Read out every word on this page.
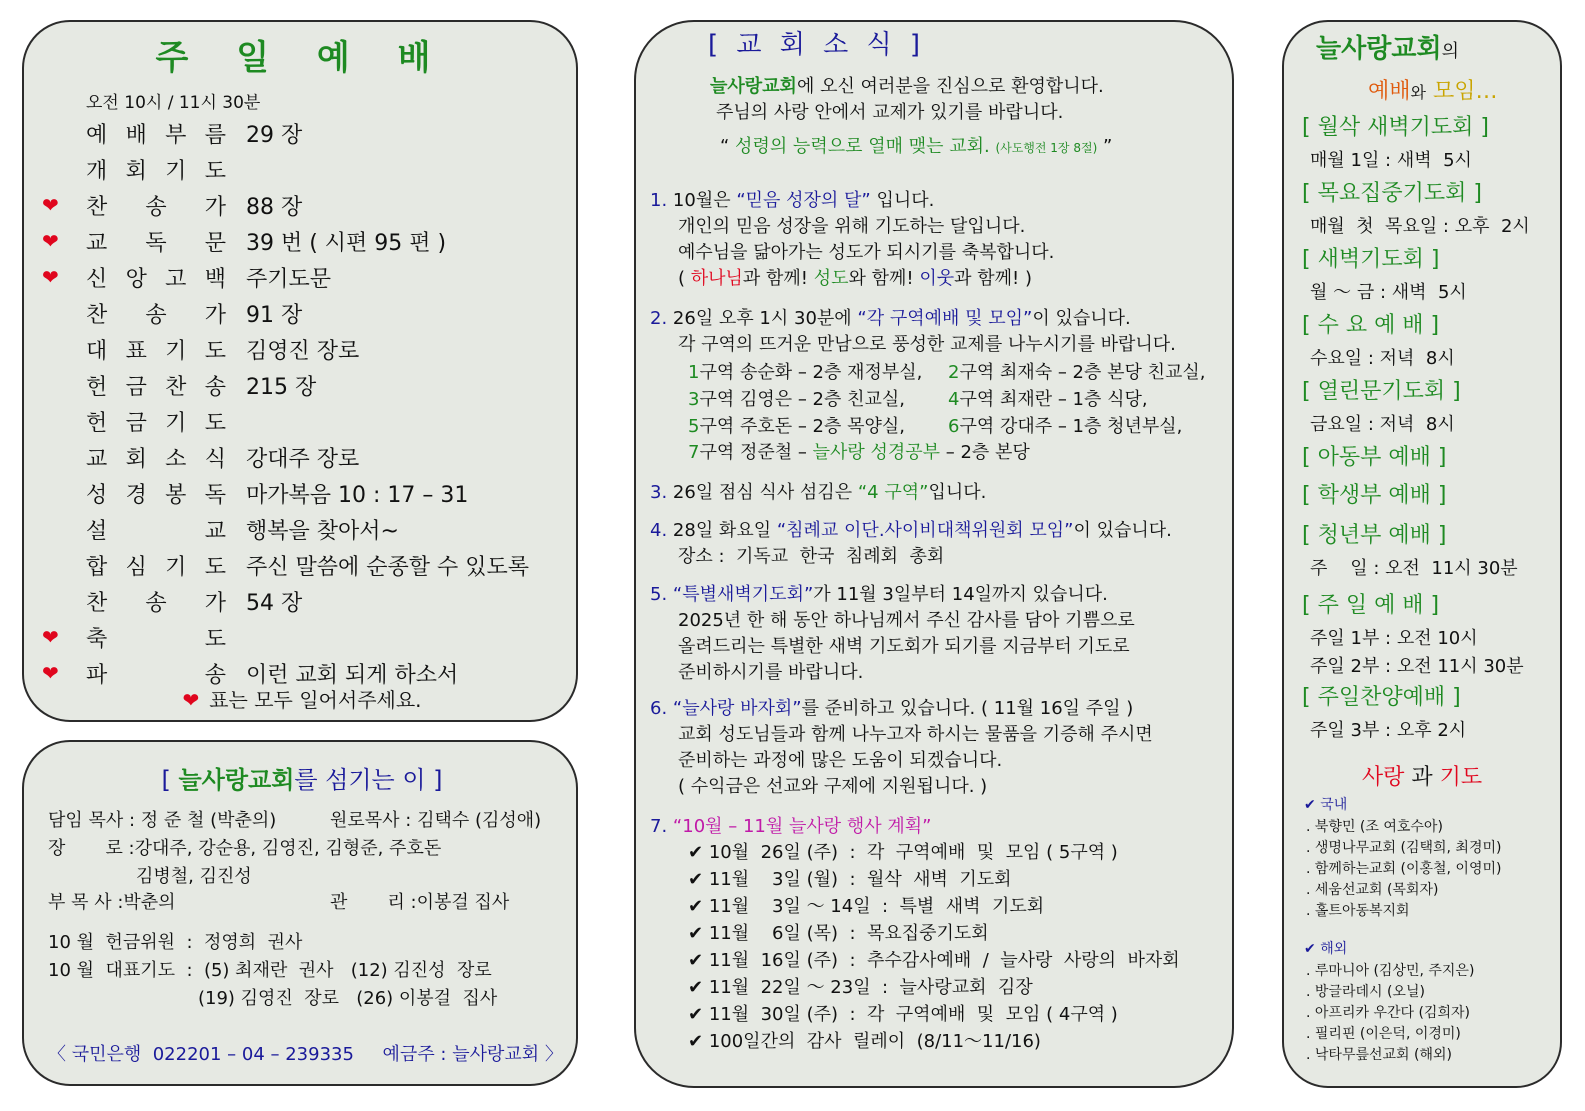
주 일 예 배
오전 10시 / 11시 30분
예 배 부 름 29 장
개 회 기 도
❤ 찬 송 가 88 장
❤ 교 독 문 39 번 ( 시편 95 편 )
❤ 신 앙 고 백 주기도문
찬 송 가 91 장
대 표 기 도 김영진 장로
헌 금 찬 송 215 장
헌 금 기 도
교 회 소 식 강대주 장로
성 경 봉 독 마가복음 10 : 17 – 31
설	교 행복을 찾아서~
합 심 기 도 주신 말씀에 순종할 수 있도록
찬 송 가 54 장
❤ 축	도
❤ 파	송 이런 교회 되게 하소서
❤ 표는 모두 일어서주세요.
[ 늘사랑교회를 섬기는 이 ]
담임 목사 : 정 준 철 (박춘의)	원로목사 : 김택수 (김성애)
장       로 :강대주, 강순용, 김영진, 김형준, 주호돈
김병철, 김진성
부 목 사 :박춘의	관       리 :이봉걸 집사
10 월  헌금위원  :  정영희  권사
10 월  대표기도  :  (5) 최재란  권사   (12) 김진성  장로
(19) 김영진  장로   (26) 이봉걸  집사
〈 국민은행  022201 – 04 – 239335     예금주 : 늘사랑교회 〉
[ 교 회 소 식 ]
늘사랑교회에 오신 여러분을 진심으로 환영합니다.
주님의 사랑 안에서 교제가 있기를 바랍니다.
“ 성령의 능력으로 열매 맺는 교회. (사도행전 1장 8절) ”
1. 10월은 “믿음 성장의 달” 입니다.
개인의 믿음 성장을 위해 기도하는 달입니다.
예수님을 닮아가는 성도가 되시기를 축복합니다.
( 하나님과 함께! 성도와 함께! 이웃과 함께! )
2. 26일 오후 1시 30분에 “각 구역예배 및 모임”이 있습니다.
각 구역의 뜨거운 만남으로 풍성한 교제를 나누시기를 바랍니다.
1구역 송순화 – 2층 재정부실, 2구역 최재숙 – 2층 본당 친교실,
3구역 김영은 – 2층 친교실, 4구역 최재란 – 1층 식당,
5구역 주호돈 – 2층 목양실, 6구역 강대주 – 1층 청년부실,
7구역 정준철 – 늘사랑 성경공부 – 2층 본당
3. 26일 점심 식사 섬김은 “4 구역”입니다.
4. 28일 화요일 “침례교 이단.사이비대책위원회 모임”이 있습니다.
장소 :  기독교  한국  침례회  총회
5. “특별새벽기도회”가 11월 3일부터 14일까지 있습니다.
2025년 한 해 동안 하나님께서 주신 감사를 담아 기쁨으로
올려드리는 특별한 새벽 기도회가 되기를 지금부터 기도로
준비하시기를 바랍니다.
6. “늘사랑 바자회”를 준비하고 있습니다. ( 11월 16일 주일 )
교회 성도님들과 함께 나누고자 하시는 물품을 기증해 주시면
준비하는 과정에 많은 도움이 되겠습니다.
( 수익금은 선교와 구제에 지원됩니다. )
7. “10월 – 11월 늘사랑 행사 계획”
✔ 10월  26일 (주)  :  각  구역예배  및  모임 ( 5구역 )
✔ 11월    3일 (월)  :  월삭  새벽  기도회
✔ 11월    3일 ～ 14일  :  특별  새벽  기도회
✔ 11월    6일 (목)  :  목요집중기도회
✔ 11월  16일 (주)  :  추수감사예배  /  늘사랑  사랑의  바자회
✔ 11월  22일 ～ 23일  :  늘사랑교회  김장
✔ 11월  30일 (주)  :  각  구역예배  및  모임 ( 4구역 )
✔ 100일간의  감사  릴레이  (8/11～11/16)
늘사랑교회의
예배와 모임…
[ 월삭 새벽기도회 ]
매월 1일 : 새벽  5시
[ 목요집중기도회 ]
매월  첫  목요일 : 오후  2시
[ 새벽기도회 ]
월 ～ 금 : 새벽  5시
[ 수 요 예 배 ]
수요일 : 저녁  8시
[ 열린문기도회 ]
금요일 : 저녁  8시
[ 아동부 예배 ]
[ 학생부 예배 ]
[ 청년부 예배 ]
주    일 : 오전  11시 30분
[ 주 일 예 배 ]
주일 1부 : 오전 10시
주일 2부 : 오전 11시 30분
[ 주일찬양예배 ]
주일 3부 : 오후 2시
사랑 과 기도
✔ 국내
. 북향민 (조 여호수아)
. 생명나무교회 (김택희, 최경미)
. 함께하는교회 (이홍철, 이영미)
. 세움선교회 (목회자)
. 홀트아동복지회
✔ 해외
. 루마니아 (김상민, 주지은)
. 방글라데시 (오닐)
. 아프리카 우간다 (김희자)
. 필리핀 (이은덕, 이경미)
. 낙타무릎선교회 (해외)
